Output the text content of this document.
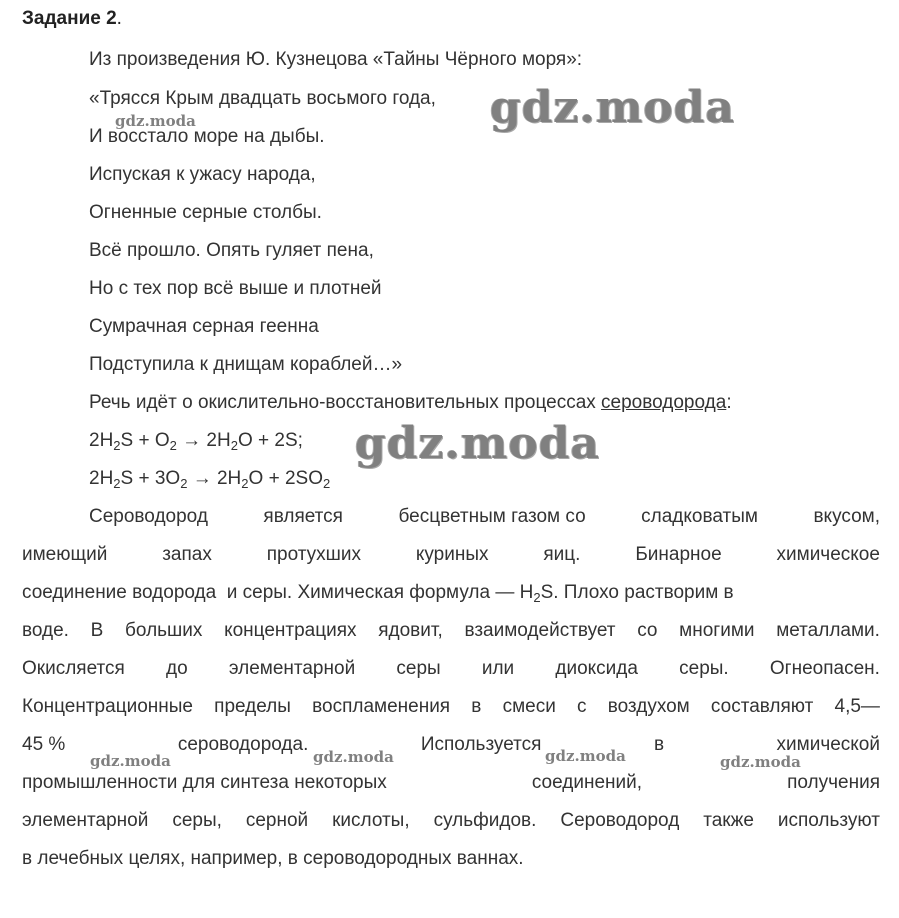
Задание 2.
Из произведения Ю. Кузнецова «Тайны Чёрного моря»:
«Трясся Крым двадцать восьмого года,
И восстало море на дыбы.
Испуская к ужасу народа,
Огненные серные столбы.
Всё прошло. Опять гуляет пена,
Но с тех пор всё выше и плотней
Сумрачная серная геенна
Подступила к днищам кораблей…»
Речь идёт о окислительно-восстановительных процессах сероводорода:
$2H_2S + O_2 \to 2H_2O + 2S$;
$2H_2S + 3O_2 \to 2H_2O + 2SO_2$
Сероводород	является	бесцветным газом со	сладковатым	вкусом,
имеющий	запах	протухших	куриных	яиц.	Бинарное	химическое
соединение водорода  и серы. Химическая формула — $H_2S$. Плохо растворим в
воде. В больших концентрациях ядовит, взаимодействует со многими металлами.
Окисляется до элементарной серы или диоксида серы. Огнеопасен.
Концентрационные пределы воспламенения в смеси с воздухом составляют 4,5—
45 %	сероводорода.	Используется	в	химической
промышленности для синтеза некоторых	соединений,	получения
элементарной серы, серной кислоты, сульфидов. Сероводород также используют
в лечебных целях, например, в сероводородных ваннах.
gdz.moda
gdz.moda
gdz.moda
gdz.moda	gdz.moda	gdz.moda	gdz.moda
